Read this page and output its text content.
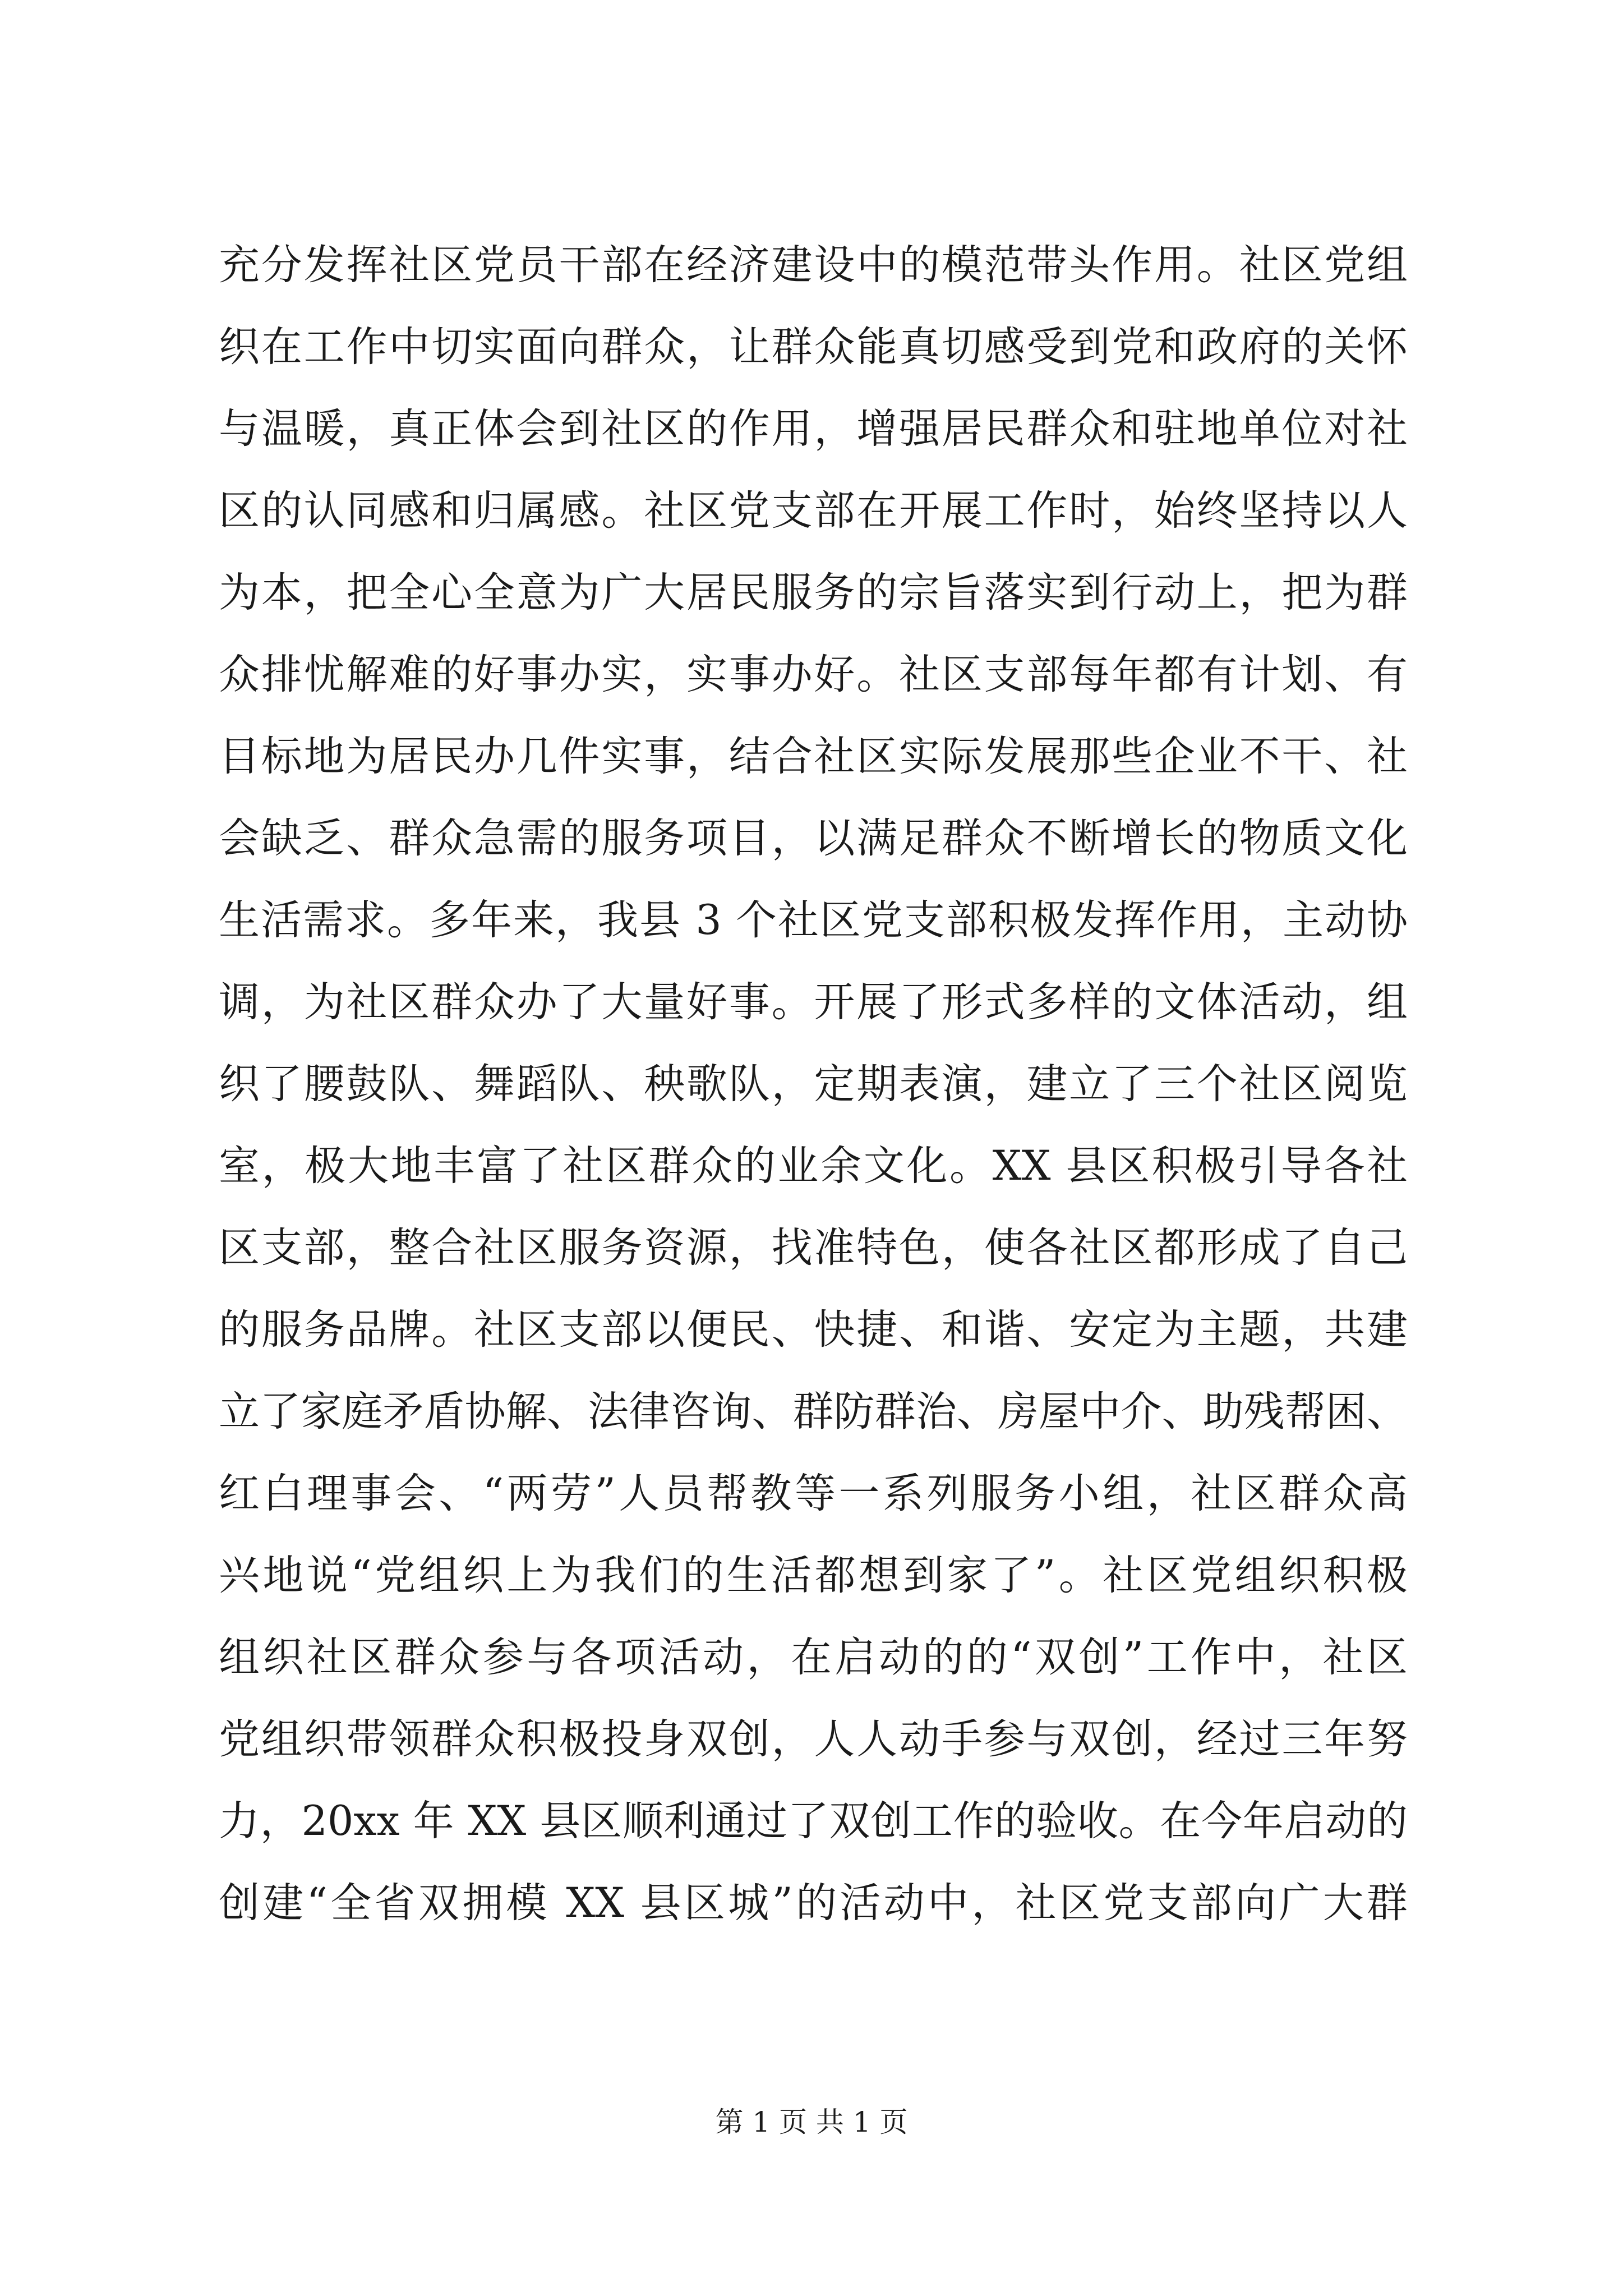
充分发挥社区党员干部在经济建设中的模范带头作用。社区党组
织在工作中切实面向群众，让群众能真切感受到党和政府的关怀
与温暖，真正体会到社区的作用，增强居民群众和驻地单位对社
区的认同感和归属感。社区党支部在开展工作时，始终坚持以人
为本，把全心全意为广大居民服务的宗旨落实到行动上，把为群
众排忧解难的好事办实，实事办好。社区支部每年都有计划、有
目标地为居民办几件实事，结合社区实际发展那些企业不干、社
会缺乏、群众急需的服务项目，以满足群众不断增长的物质文化
生活需求。多年来，我县 3 个社区党支部积极发挥作用，主动协
调，为社区群众办了大量好事。开展了形式多样的文体活动，组
织了腰鼓队、舞蹈队、秧歌队，定期表演，建立了三个社区阅览
室，极大地丰富了社区群众的业余文化。XX 县区积极引导各社
区支部，整合社区服务资源，找准特色，使各社区都形成了自己
的服务品牌。社区支部以便民、快捷、和谐、安定为主题，共建
立了家庭矛盾协解、法律咨询、群防群治、房屋中介、助残帮困、
红白理事会、“两劳”人员帮教等一系列服务小组，社区群众高
兴地说“党组织上为我们的生活都想到家了”。社区党组织积极
组织社区群众参与各项活动，在启动的的“双创”工作中，社区
党组织带领群众积极投身双创，人人动手参与双创，经过三年努
力，20xx 年 XX 县区顺利通过了双创工作的验收。在今年启动的
创建“全省双拥模 XX 县区城”的活动中，社区党支部向广大群
第 1 页 共 1 页
